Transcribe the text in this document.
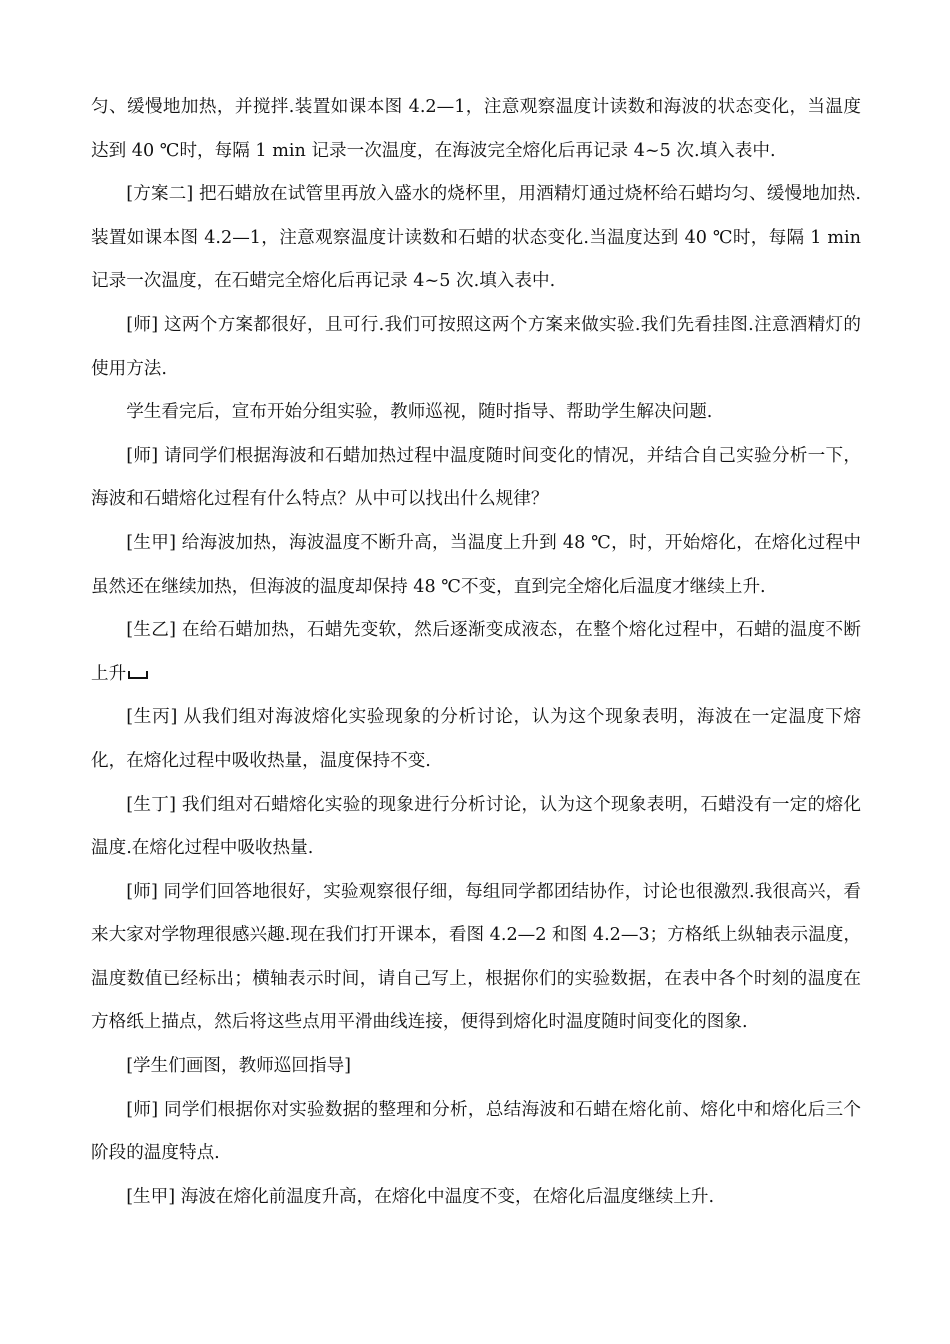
匀、缓慢地加热，并搅拌.装置如课本图 4.2—1，注意观察温度计读数和海波的状态变化，当温度达到 40 ℃时，每隔 1 min 记录一次温度，在海波完全熔化后再记录 4~5 次.填入表中.

[方案二] 把石蜡放在试管里再放入盛水的烧杯里，用酒精灯通过烧杯给石蜡均匀、缓慢地加热.装置如课本图 4.2—1，注意观察温度计读数和石蜡的状态变化.当温度达到 40 ℃时，每隔 1 min 记录一次温度，在石蜡完全熔化后再记录 4~5 次.填入表中.

[师] 这两个方案都很好，且可行.我们可按照这两个方案来做实验.我们先看挂图.注意酒精灯的使用方法.

学生看完后，宣布开始分组实验，教师巡视，随时指导、帮助学生解决问题.

[师] 请同学们根据海波和石蜡加热过程中温度随时间变化的情况，并结合自己实验分析一下，海波和石蜡熔化过程有什么特点？从中可以找出什么规律？

[生甲] 给海波加热，海波温度不断升高，当温度上升到 48 ℃，时，开始熔化，在熔化过程中虽然还在继续加热，但海波的温度却保持 48 ℃不变，直到完全熔化后温度才继续上升.

[生乙] 在给石蜡加热，石蜡先变软，然后逐渐变成液态，在整个熔化过程中，石蜡的温度不断上升

[生丙] 从我们组对海波熔化实验现象的分析讨论，认为这个现象表明，海波在一定温度下熔化，在熔化过程中吸收热量，温度保持不变.

[生丁] 我们组对石蜡熔化实验的现象进行分析讨论，认为这个现象表明，石蜡没有一定的熔化温度.在熔化过程中吸收热量.

[师] 同学们回答地很好，实验观察很仔细，每组同学都团结协作，讨论也很激烈.我很高兴，看来大家对学物理很感兴趣.现在我们打开课本，看图 4.2—2 和图 4.2—3；方格纸上纵轴表示温度，温度数值已经标出；横轴表示时间，请自己写上，根据你们的实验数据，在表中各个时刻的温度在方格纸上描点，然后将这些点用平滑曲线连接，便得到熔化时温度随时间变化的图象.

[学生们画图，教师巡回指导]

[师] 同学们根据你对实验数据的整理和分析，总结海波和石蜡在熔化前、熔化中和熔化后三个阶段的温度特点.

[生甲] 海波在熔化前温度升高，在熔化中温度不变，在熔化后温度继续上升.
